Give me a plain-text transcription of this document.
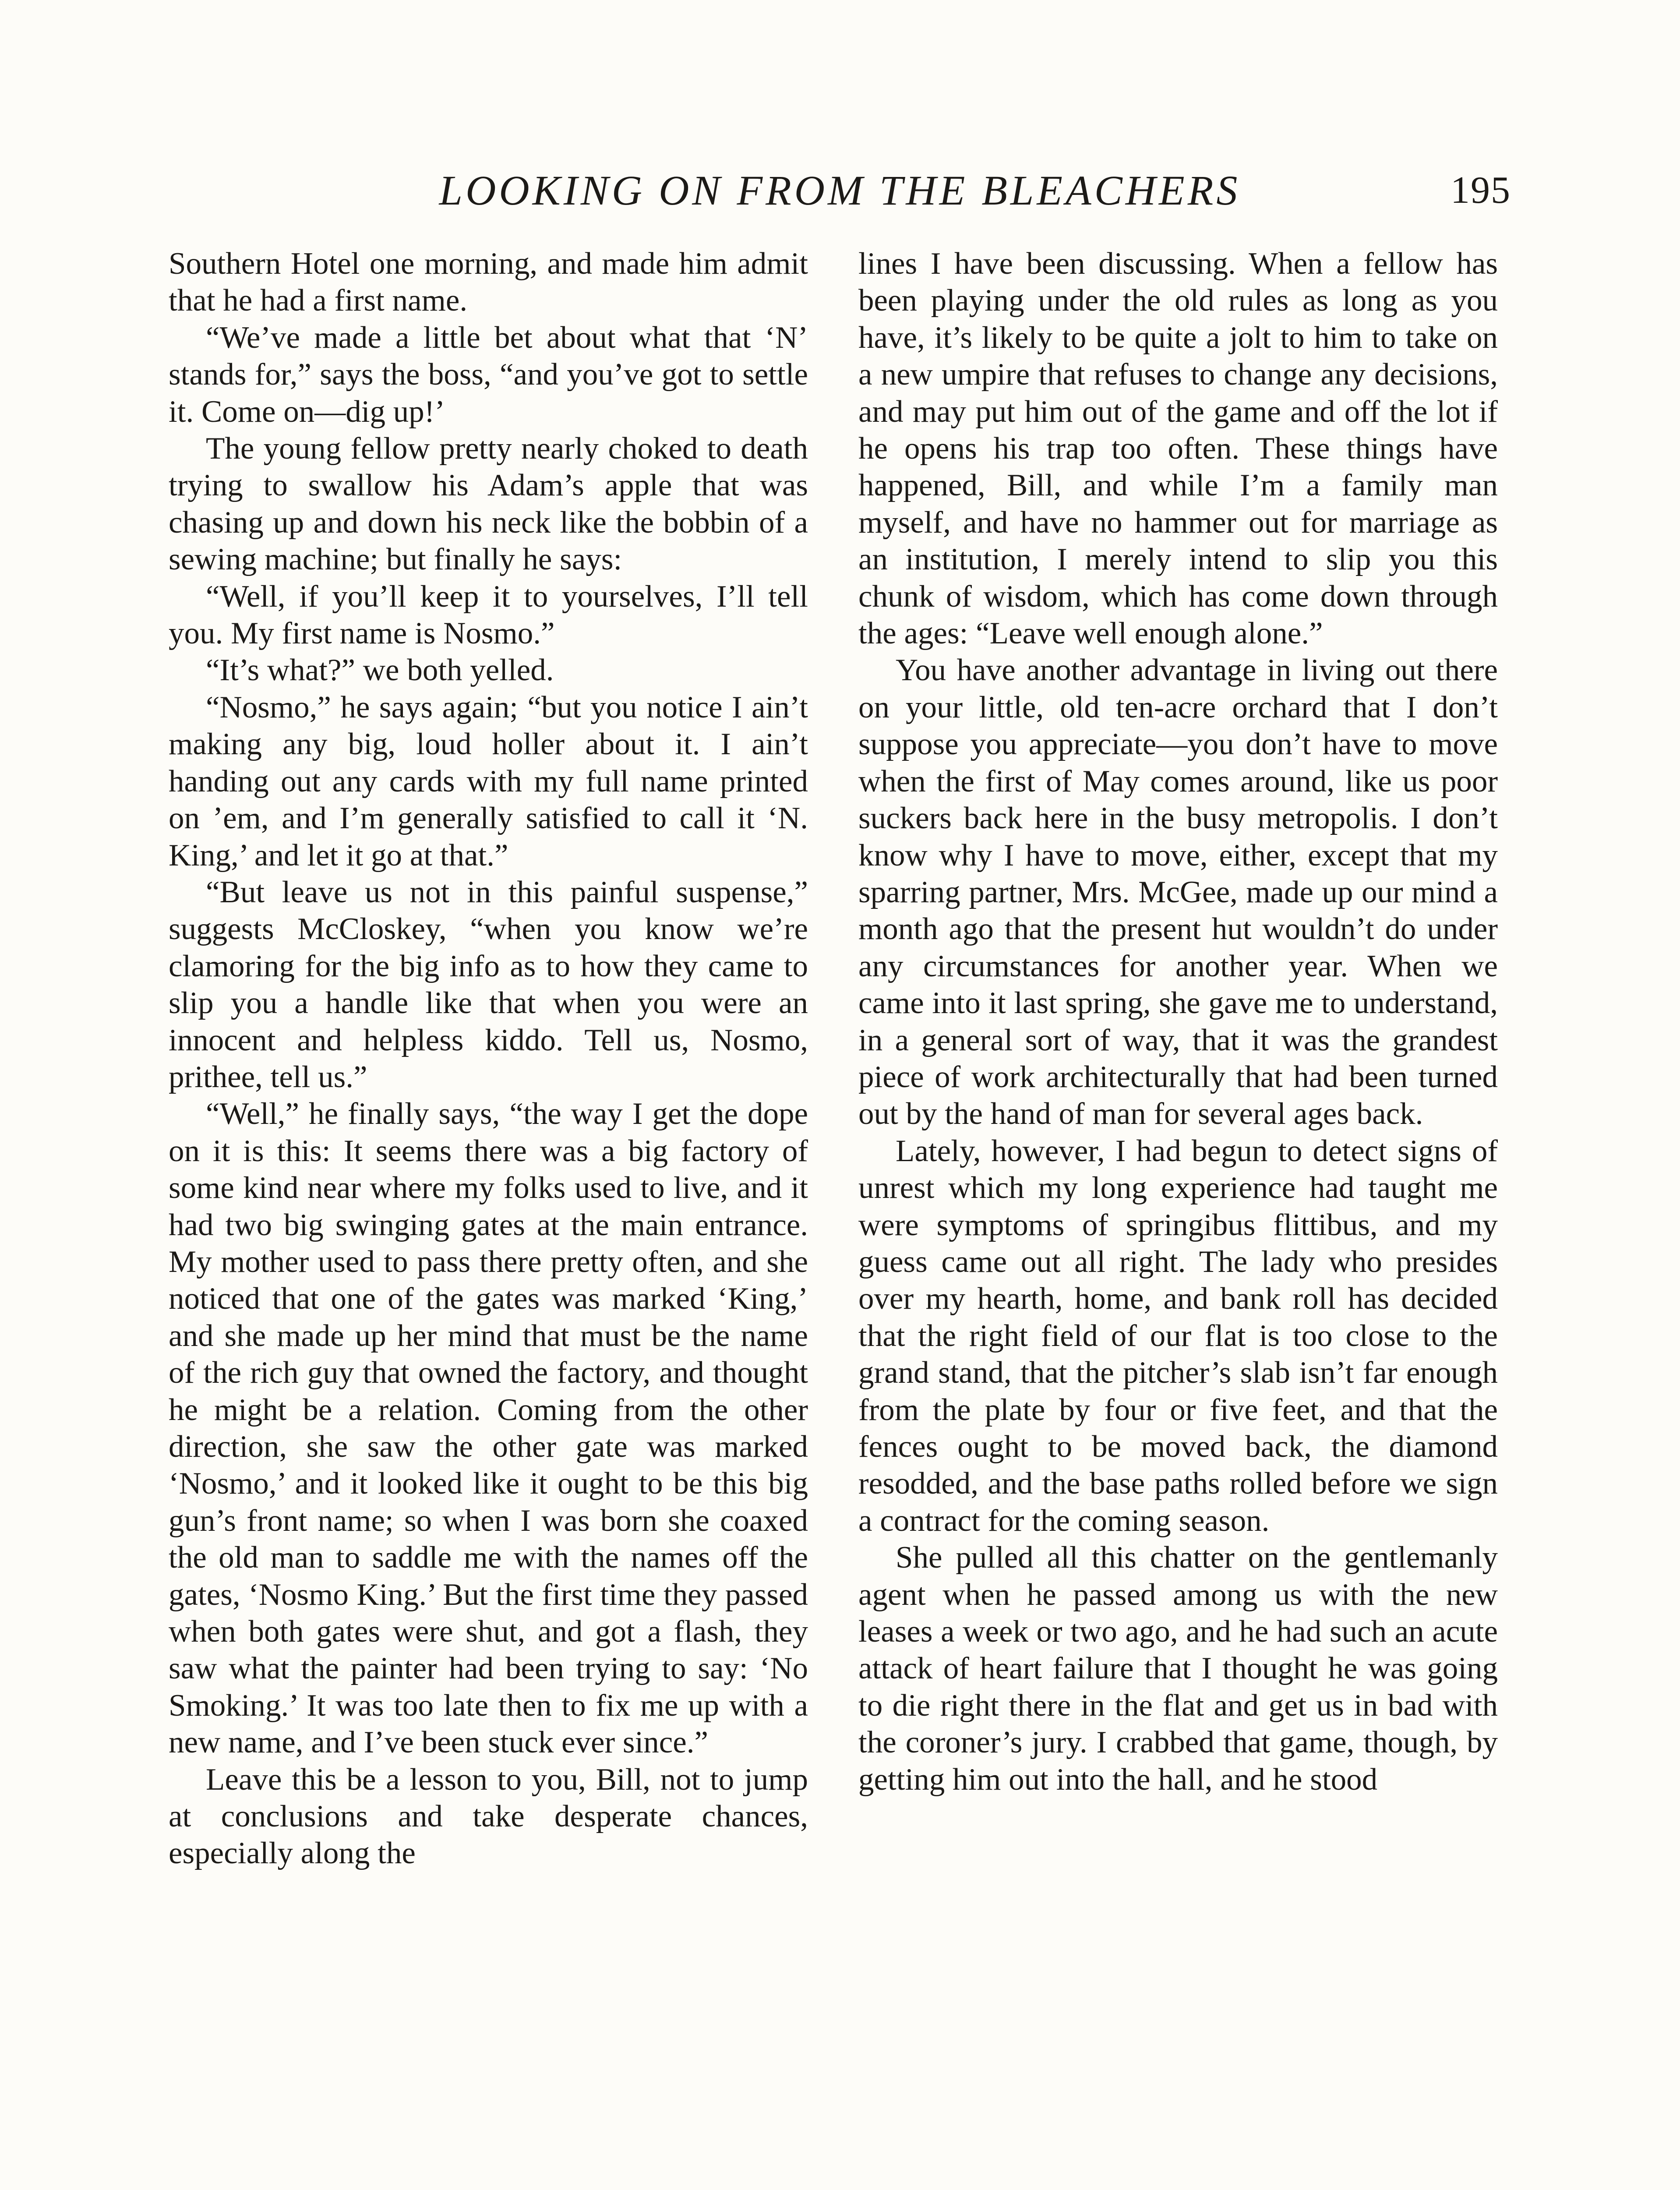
LOOKING ON FROM THE BLEACHERS	195

Southern Hotel one morning, and made him admit that he had a first name.

“We’ve made a little bet about what that ‘N’ stands for,” says the boss, “and you’ve got to settle it. Come on—dig up!’

The young fellow pretty nearly choked to death trying to swallow his Adam’s apple that was chasing up and down his neck like the bobbin of a sewing machine; but finally he says:

“Well, if you’ll keep it to yourselves, I’ll tell you. My first name is Nosmo.”

“It’s what?” we both yelled.

“Nosmo,” he says again; “but you notice I ain’t making any big, loud holler about it. I ain’t handing out any cards with my full name printed on ’em, and I’m generally satisfied to call it ‘N. King,’ and let it go at that.”

“But leave us not in this painful suspense,” suggests McCloskey, “when you know we’re clamoring for the big info as to how they came to slip you a handle like that when you were an innocent and helpless kiddo. Tell us, Nosmo, prithee, tell us.”

“Well,” he finally says, “the way I get the dope on it is this: It seems there was a big factory of some kind near where my folks used to live, and it had two big swinging gates at the main entrance. My mother used to pass there pretty often, and she noticed that one of the gates was marked ‘King,’ and she made up her mind that must be the name of the rich guy that owned the factory, and thought he might be a relation. Coming from the other direction, she saw the other gate was marked ‘Nosmo,’ and it looked like it ought to be this big gun’s front name; so when I was born she coaxed the old man to saddle me with the names off the gates, ‘Nosmo King.’ But the first time they passed when both gates were shut, and got a flash, they saw what the painter had been trying to say: ‘No Smoking.’ It was too late then to fix me up with a new name, and I’ve been stuck ever since.”

Leave this be a lesson to you, Bill, not to jump at conclusions and take desperate chances, especially along the

lines I have been discussing. When a fellow has been playing under the old rules as long as you have, it’s likely to be quite a jolt to him to take on a new umpire that refuses to change any decisions, and may put him out of the game and off the lot if he opens his trap too often. These things have happened, Bill, and while I’m a family man myself, and have no hammer out for marriage as an institution, I merely intend to slip you this chunk of wisdom, which has come down through the ages: “Leave well enough alone.”

You have another advantage in living out there on your little, old ten-acre orchard that I don’t suppose you appreciate—you don’t have to move when the first of May comes around, like us poor suckers back here in the busy metropolis. I don’t know why I have to move, either, except that my sparring partner, Mrs. McGee, made up our mind a month ago that the present hut wouldn’t do under any circumstances for another year. When we came into it last spring, she gave me to understand, in a general sort of way, that it was the grandest piece of work architecturally that had been turned out by the hand of man for several ages back.

Lately, however, I had begun to detect signs of unrest which my long experience had taught me were symptoms of springibus flittibus, and my guess came out all right. The lady who presides over my hearth, home, and bank roll has decided that the right field of our flat is too close to the grand stand, that the pitcher’s slab isn’t far enough from the plate by four or five feet, and that the fences ought to be moved back, the diamond resodded, and the base paths rolled before we sign a contract for the coming season.

She pulled all this chatter on the gentlemanly agent when he passed among us with the new leases a week or two ago, and he had such an acute attack of heart failure that I thought he was going to die right there in the flat and get us in bad with the coroner’s jury. I crabbed that game, though, by getting him out into the hall, and he stood
